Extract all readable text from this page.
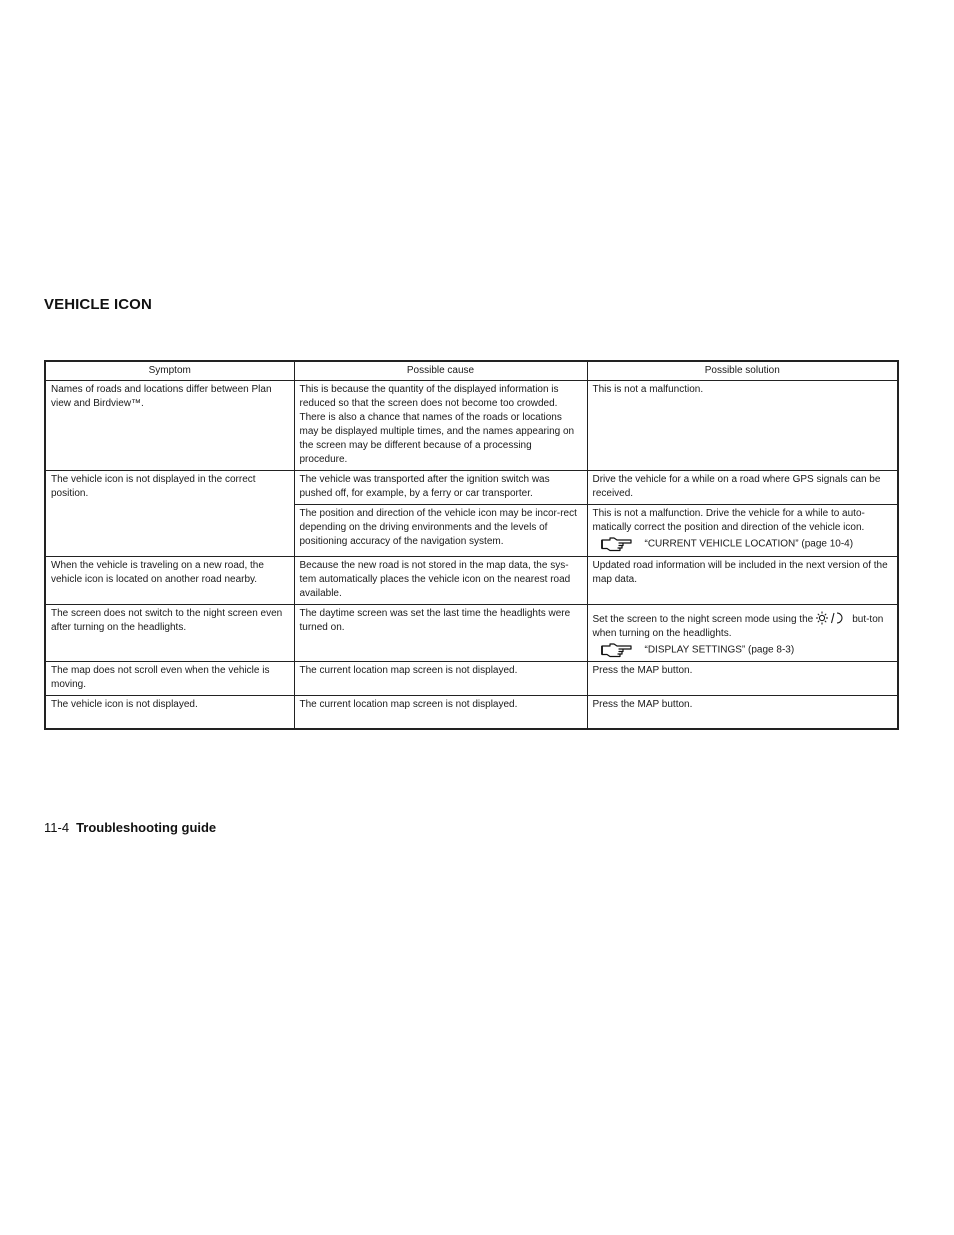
VEHICLE ICON
Symptom	Possible cause	Possible solution
Names of roads and locations differ between Plan view and Birdview™.	This is because the quantity of the displayed information is reduced so that the screen does not become too crowded. There is also a chance that names of the roads or locations may be displayed multiple times, and the names appearing on the screen may be different because of a processing procedure.	This is not a malfunction.
The vehicle icon is not displayed in the correct position.	The vehicle was transported after the ignition switch was pushed off, for example, by a ferry or car transporter.	Drive the vehicle for a while on a road where GPS signals can be received.
	The position and direction of the vehicle icon may be incor-rect depending on the driving environments and the levels of positioning accuracy of the navigation system.	This is not a malfunction. Drive the vehicle for a while to auto-matically correct the position and direction of the vehicle icon.
“CURRENT VEHICLE LOCATION” (page 10-4)

When the vehicle is traveling on a new road, the vehicle icon is located on another road nearby.	Because the new road is not stored in the map data, the sys-tem automatically places the vehicle icon on the nearest road available.	Updated road information will be included in the next version of the map data.
The screen does not switch to the night screen even after turning on the headlights.	The daytime screen was set the last time the headlights were turned on.	Set the screen to the night screen mode using the but-ton when turning on the headlights.
“DISPLAY SETTINGS” (page 8-3)

The map does not scroll even when the vehicle is moving.	The current location map screen is not displayed.	Press the MAP button.
The vehicle icon is not displayed.	The current location map screen is not displayed.	Press the MAP button.

11-4 Troubleshooting guide
